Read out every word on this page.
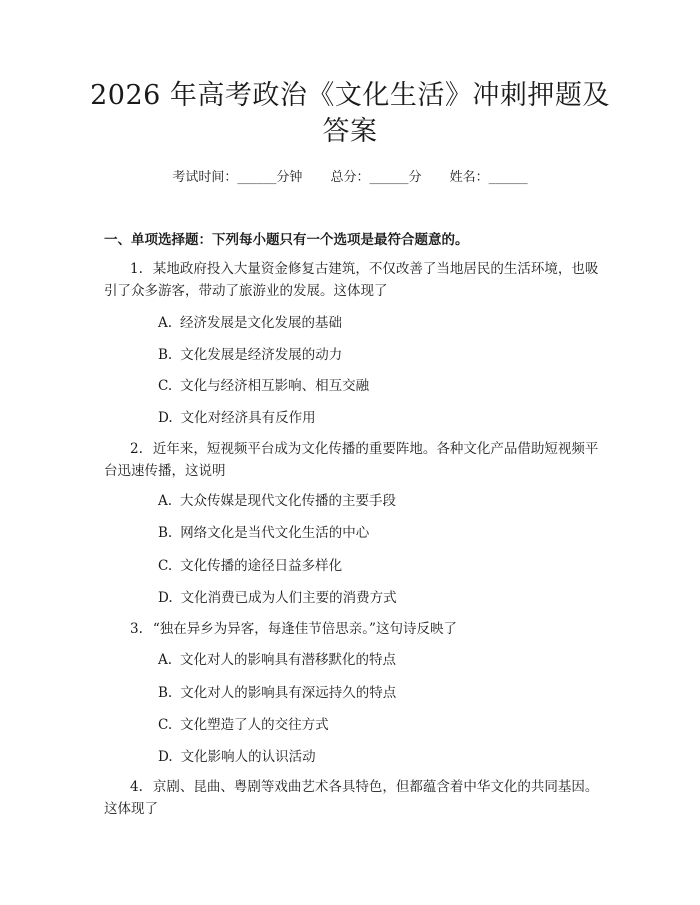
2026 年高考政治《文化生活》冲刺押题及答案
考试时间：______分钟 总分：______分 姓名：______
一、单项选择题：下列每小题只有一个选项是最符合题意的。

1. 某地政府投入大量资金修复古建筑，不仅改善了当地居民的生活环境，也吸引了众多游客，带动了旅游业的发展。这体现了

A. 经济发展是文化发展的基础
B. 文化发展是经济发展的动力
C. 文化与经济相互影响、相互交融
D. 文化对经济具有反作用

2. 近年来，短视频平台成为文化传播的重要阵地。各种文化产品借助短视频平台迅速传播，这说明

A. 大众传媒是现代文化传播的主要手段
B. 网络文化是当代文化生活的中心
C. 文化传播的途径日益多样化
D. 文化消费已成为人们主要的消费方式

3. “独在异乡为异客，每逢佳节倍思亲。”这句诗反映了

A. 文化对人的影响具有潜移默化的特点
B. 文化对人的影响具有深远持久的特点
C. 文化塑造了人的交往方式
D. 文化影响人的认识活动

4. 京剧、昆曲、粤剧等戏曲艺术各具特色，但都蕴含着中华文化的共同基因。这体现了
